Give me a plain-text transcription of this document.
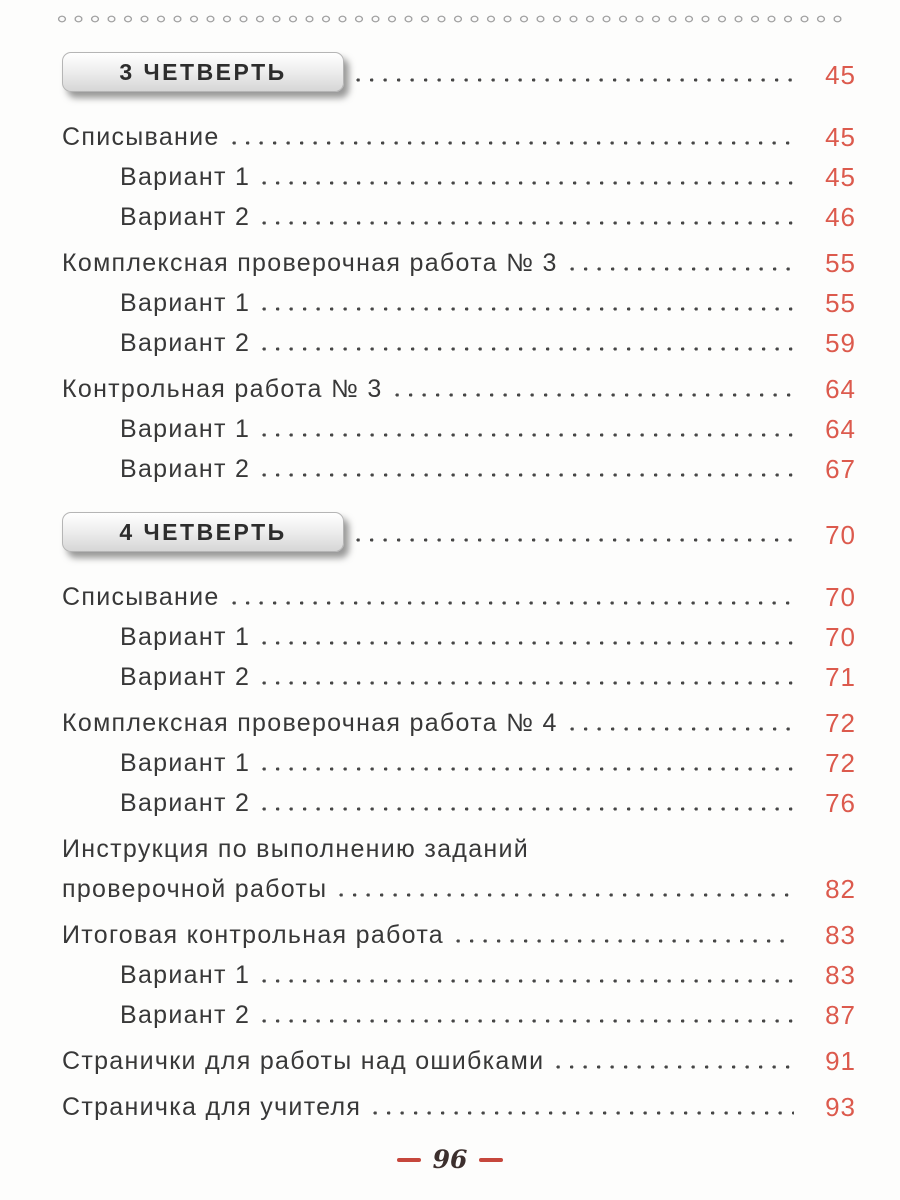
3 ЧЕТВЕРТЬ	45
Списывание	45
Вариант 1	45
Вариант 2	46
Комплексная проверочная работа № 3	55
Вариант 1	55
Вариант 2	59
Контрольная работа № 3	64
Вариант 1	64
Вариант 2	67
4 ЧЕТВЕРТЬ	70
Списывание	70
Вариант 1	70
Вариант 2	71
Комплексная проверочная работа № 4	72
Вариант 1	72
Вариант 2	76
Инструкция по выполнению заданий
проверочной работы	82
Итоговая контрольная работа	83
Вариант 1	83
Вариант 2	87
Странички для работы над ошибками	91
Страничка для учителя	93
96
